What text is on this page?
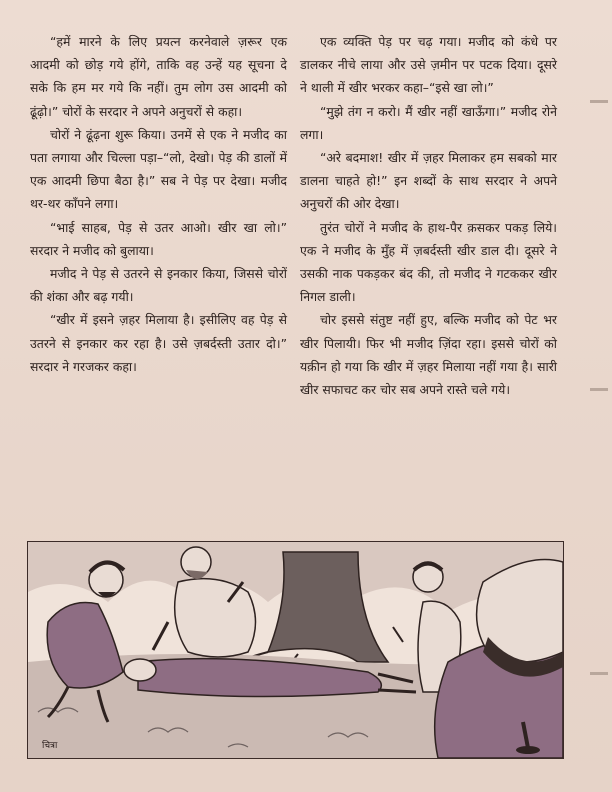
“हमें मारने के लिए प्रयत्न करनेवाले ज़रूर एक आदमी को छोड़ गये होंगे, ताकि वह उन्हें यह सूचना दे सके कि हम मर गये कि नहीं। तुम लोग उस आदमी को ढूंढ़ो।” चोरों के सरदार ने अपने अनुचरों से कहा।

चोरों ने ढूंढ़ना शुरू किया। उनमें से एक ने मजीद का पता लगाया और चिल्ला पड़ा–“लो, देखो। पेड़ की डालों में एक आदमी छिपा बैठा है।” सब ने पेड़ पर देखा। मजीद थर-थर काँपने लगा।

“भाई साहब, पेड़ से उतर आओ। खीर खा लो।” सरदार ने मजीद को बुलाया।

मजीद ने पेड़ से उतरने से इनकार किया, जिससे चोरों की शंका और बढ़ गयी।

“खीर में इसने ज़हर मिलाया है। इसीलिए वह पेड़ से उतरने से इनकार कर रहा है। उसे ज़बर्दस्ती उतार दो।” सरदार ने गरजकर कहा।

एक व्यक्ति पेड़ पर चढ़ गया। मजीद को कंधे पर डालकर नीचे लाया और उसे ज़मीन पर पटक दिया। दूसरे ने थाली में खीर भरकर कहा–“इसे खा लो।”

“मुझे तंग न करो। मैं खीर नहीं खाऊँगा।” मजीद रोने लगा।

“अरे बदमाश! खीर में ज़हर मिलाकर हम सबको मार डालना चाहते हो!” इन शब्दों के साथ सरदार ने अपने अनुचरों की ओर देखा।

तुरंत चोरों ने मजीद के हाथ-पैर क़सकर पकड़ लिये। एक ने मजीद के मुँह में ज़बर्दस्ती खीर डाल दी। दूसरे ने उसकी नाक पकड़कर बंद की, तो मजीद ने गटककर खीर निगल डाली।

चोर इससे संतुष्ट नहीं हुए, बल्कि मजीद को पेट भर खीर पिलायी। फिर भी मजीद ज़िंदा रहा। इससे चोरों को यक़ीन हो गया कि खीर में ज़हर मिलाया नहीं गया है। सारी खीर सफाचट कर चोर सब अपने रास्ते चले गये।

चित्रा
